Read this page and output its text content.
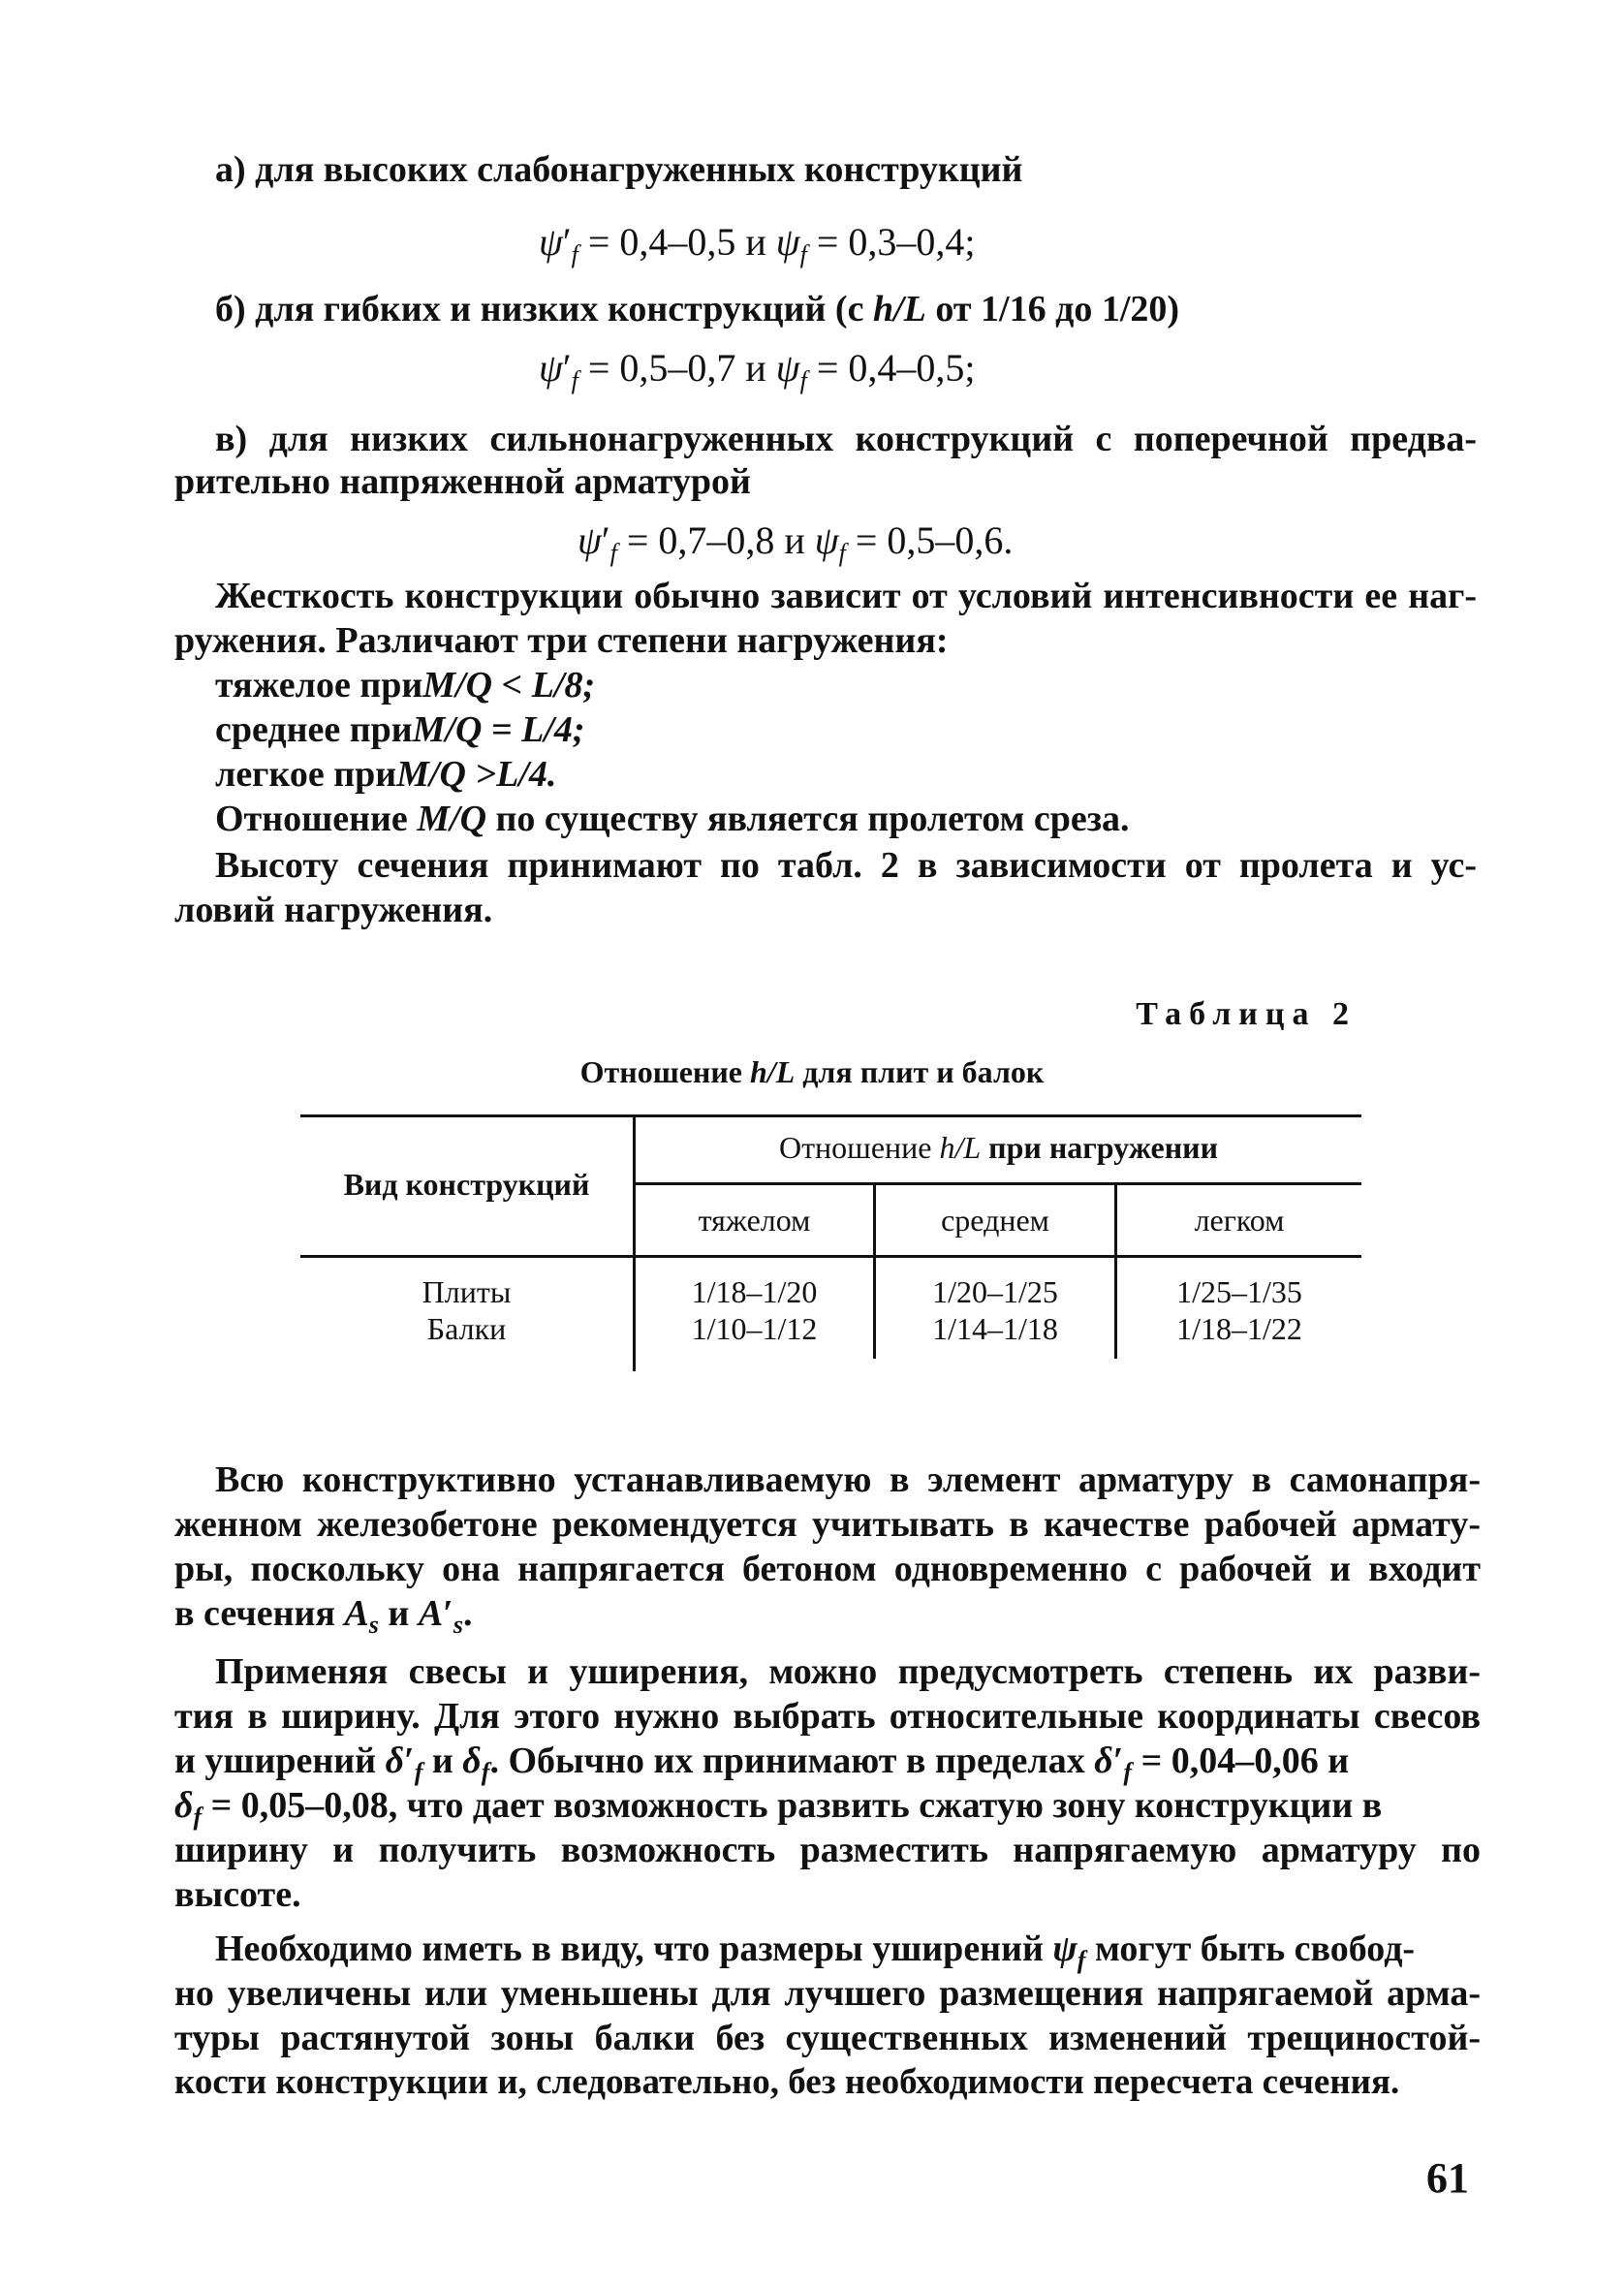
а) для высоких слабонагруженных конструкций
$\psi'_f = 0,4-0,5$ и $\psi_f = 0,3-0,4$;
б) для гибких и низких конструкций (с h/L от 1/16 до 1/20)
$\psi'_f = 0,5-0,7$ и $\psi_f = 0,4-0,5$;
в) для низких сильнонагруженных конструкций с поперечной предва-
рительно напряженной арматурой
$\psi'_f = 0,7-0,8$ и $\psi_f = 0,5-0,6$.
Жесткость конструкции обычно зависит от условий интенсивности ее наг-
ружения. Различают три степени нагружения:
тяжелое приM/Q < L/8;
среднее приM/Q = L/4;
легкое приM/Q >L/4.
Отношение M/Q по существу является пролетом среза.
Высоту сечения принимают по табл. 2 в зависимости от пролета и ус-
ловий нагружения.
Таблица 2
Отношение h/L для плит и балок
Вид конструкций
Отношение h/L при нагружении
тяжелом	среднем	легком
Плиты	1/18–1/20	1/20–1/25	1/25–1/35
Балки	1/10–1/12	1/14–1/18	1/18–1/22
Всю конструктивно устанавливаемую в элемент арматуру в самонапря-
женном железобетоне рекомендуется учитывать в качестве рабочей армату-
ры, поскольку она напрягается бетоном одновременно с рабочей и входит
в сечения $A_s$ и $A'_s$.
Применяя свесы и уширения, можно предусмотреть степень их разви-
тия в ширину. Для этого нужно выбрать относительные координаты свесов
и уширений $\delta'_f$ и $\delta_f$. Обычно их принимают в пределах $\delta'_f = 0,04-0,06$ и
$\delta_f = 0,05-0,08$, что дает возможность развить сжатую зону конструкции в
ширину и получить возможность разместить напрягаемую арматуру по
высоте.
Необходимо иметь в виду, что размеры уширений $\psi_f$ могут быть свобод-
но увеличены или уменьшены для лучшего размещения напрягаемой арма-
туры растянутой зоны балки без существенных изменений трещиностой-
кости конструкции и, следовательно, без необходимости пересчета сечения.
61
